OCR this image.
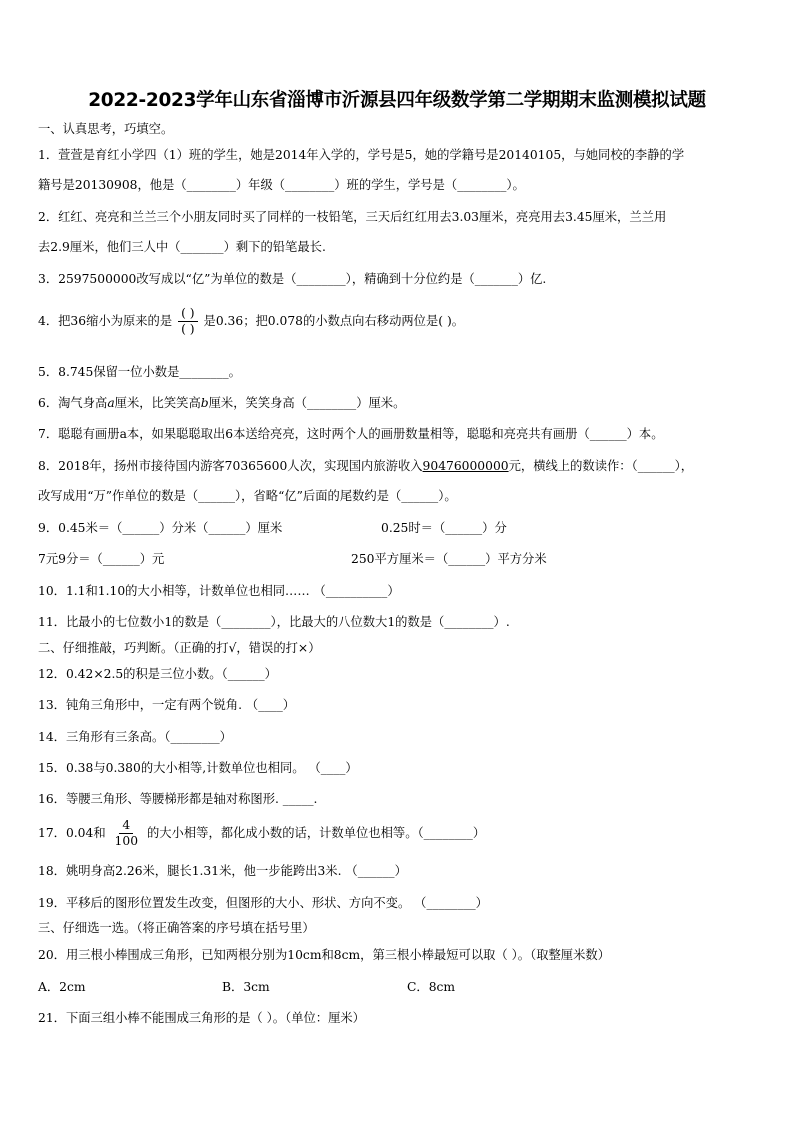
2022-2023学年山东省淄博市沂源县四年级数学第二学期期末监测模拟试题
一、认真思考，巧填空。
1．萱萱是育红小学四（1）班的学生，她是2014年入学的，学号是5，她的学籍号是20140105，与她同校的李静的学
籍号是20130908，他是（________）年级（________）班的学生，学号是（________）。
2．红红、亮亮和兰兰三个小朋友同时买了同样的一枝铅笔，三天后红红用去3.03厘米，亮亮用去3.45厘米，兰兰用
去2.9厘米，他们三人中（_______）剩下的铅笔最长.
3．2597500000改写成以“亿”为单位的数是（________），精确到十分位约是（_______）亿.
4．把36缩小为原来的是 $\frac{( )}{( )}$ 是0.36；把0.078的小数点向右移动两位是( )。
5．8.745保留一位小数是________。
6．淘气身高a厘米，比笑笑高b厘米，笑笑身高（________）厘米。
7．聪聪有画册a本，如果聪聪取出6本送给亮亮，这时两个人的画册数量相等，聪聪和亮亮共有画册（______）本。
8．2018年，扬州市接待国内游客70365600人次，实现国内旅游收入90476000000元，横线上的数读作：（______），
改写成用“万”作单位的数是（______），省略“亿”后面的尾数约是（______）。
9．0.45米＝（______）分米（______）厘米	0.25时＝（______）分
7元9分＝（______）元	250平方厘米＝（______）平方分米
10．1.1和1.10的大小相等，计数单位也相同…… （__________）
11．比最小的七位数小1的数是（________），比最大的八位数大1的数是（________）.
二、仔细推敲，巧判断。（正确的打√，错误的打×）
12．0.42×2.5的积是三位小数。（______）
13．钝角三角形中，一定有两个锐角. （____）
14．三角形有三条高。（________）
15．0.38与0.380的大小相等,计数单位也相同。 （____）
16．等腰三角形、等腰梯形都是轴对称图形. _____.
17．0.04和 $\frac{4}{100}$ 的大小相等，都化成小数的话，计数单位也相等。（________）
18．姚明身高2.26米，腿长1.31米，他一步能跨出3米. （______）
19．平移后的图形位置发生改变，但图形的大小、形状、方向不变。 （________）
三、仔细选一选。（将正确答案的序号填在括号里）
20．用三根小棒围成三角形，已知两根分别为10cm和8cm，第三根小棒最短可以取（ ）。（取整厘米数）
A．2cm	B．3cm	C．8cm
21．下面三组小棒不能围成三角形的是（ ）。（单位：厘米）
